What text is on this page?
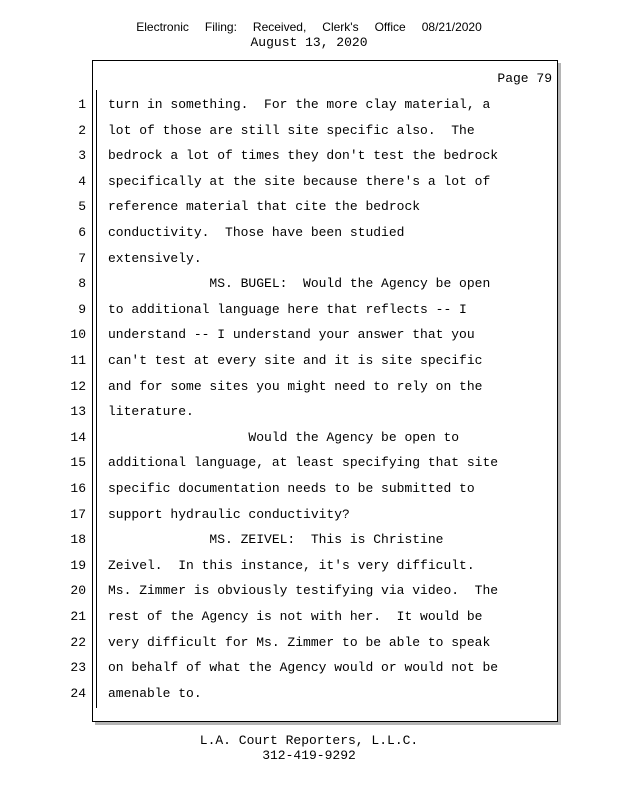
Electronic Filing: Received, Clerk's Office 08/21/2020
August 13, 2020
Page 79
1
2
3
4
5
6
7
8
9
10
11
12
13
14
15
16
17
18
19
20
21
22
23
24
turn in something.  For the more clay material, a
lot of those are still site specific also.  The
bedrock a lot of times they don't test the bedrock
specifically at the site because there's a lot of
reference material that cite the bedrock
conductivity.  Those have been studied
extensively.
MS. BUGEL:  Would the Agency be open
to additional language here that reflects -- I
understand -- I understand your answer that you
can't test at every site and it is site specific
and for some sites you might need to rely on the
literature.
Would the Agency be open to
additional language, at least specifying that site
specific documentation needs to be submitted to
support hydraulic conductivity?
MS. ZEIVEL:  This is Christine
Zeivel.  In this instance, it's very difficult.
Ms. Zimmer is obviously testifying via video.  The
rest of the Agency is not with her.  It would be
very difficult for Ms. Zimmer to be able to speak
on behalf of what the Agency would or would not be
amenable to.
L.A. Court Reporters, L.L.C.
312-419-9292
